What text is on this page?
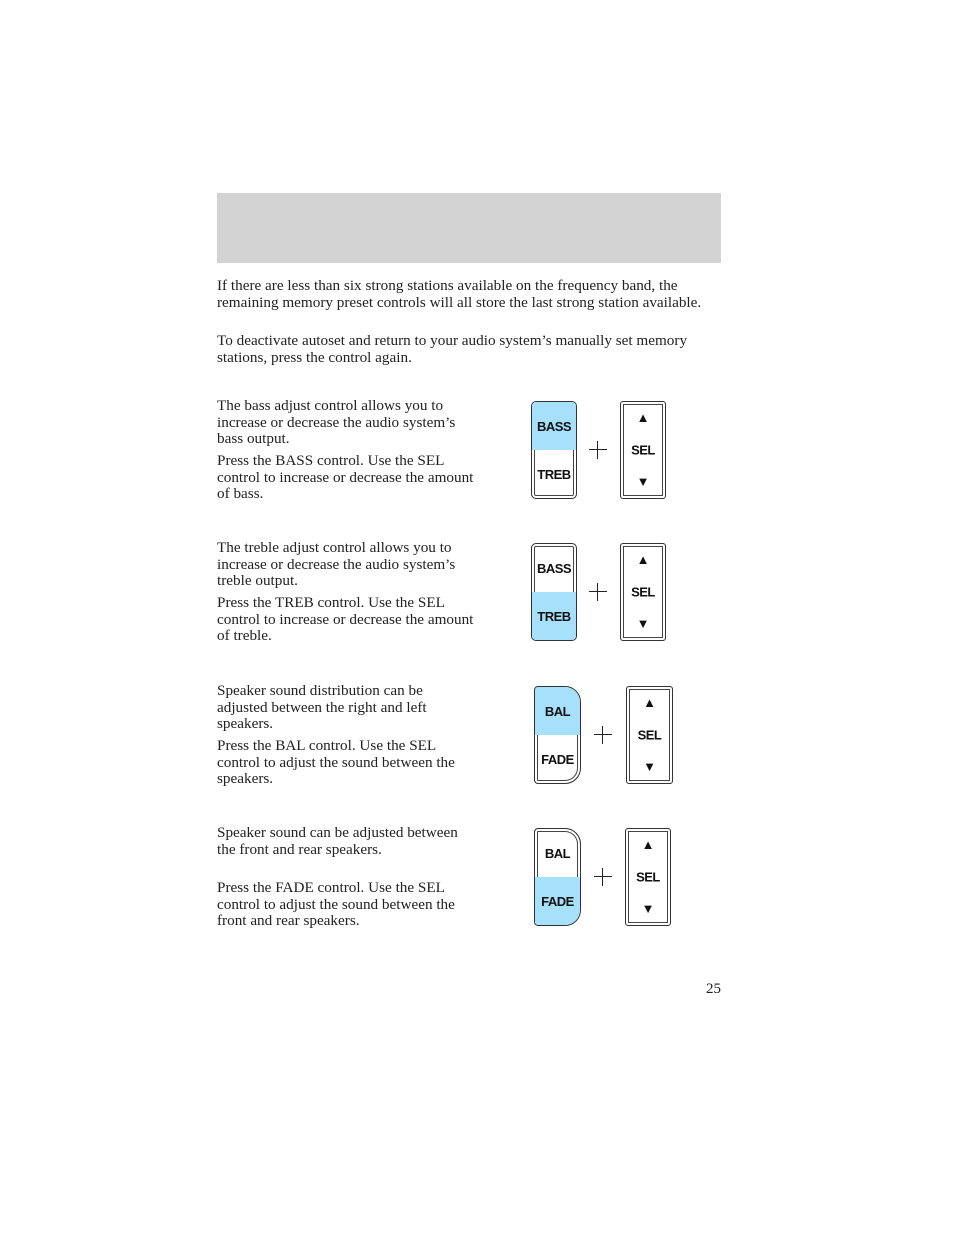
If there are less than six strong stations available on the frequency band, the remaining memory preset controls will all store the last strong station available.

To deactivate autoset and return to your audio system’s manually set memory stations, press the control again.

The bass adjust control allows you to increase or decrease the audio system’s bass output.

Press the BASS control. Use the SEL control to increase or decrease the amount of bass.

BASS
TREB
▲
SEL
▼

The treble adjust control allows you to increase or decrease the audio system’s treble output.

Press the TREB control. Use the SEL control to increase or decrease the amount of treble.

BASS
TREB
▲
SEL
▼

Speaker sound distribution can be adjusted between the right and left speakers.

Press the BAL control. Use the SEL control to adjust the sound between the speakers.

BAL
FADE
▲
SEL
▼

Speaker sound can be adjusted between the front and rear speakers.

Press the FADE control. Use the SEL control to adjust the sound between the front and rear speakers.

BAL
FADE
▲
SEL
▼
25
